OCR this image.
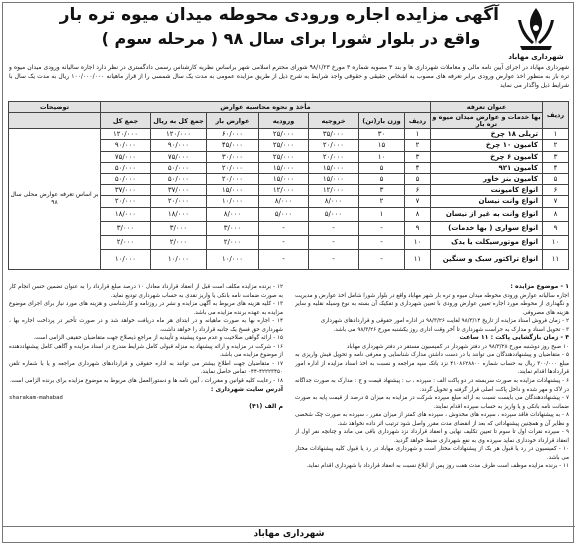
آگهی مزایده اجاره ورودی محوطه میدان میوه تره بار
واقع در بلوار شورا برای سال ۹۸ ( مرحله سوم )
شهرداری مهاباد
شهرداری مهاباد در اجرای آیین نامه مالی و معاملات شهرداری ها و بند ۳ مصوبه شماره ۳ مورخ ۹۸/۱/۲۳ شورای محترم اسلامی شهر براساس نظریه کارشناس رسمی دادگستری در نظر دارد اجاره سالیانه ورودی میدان میوه و تره بار به منظور اخذ عوارض ورودی برابر تعرفه های مصوب به اشخاص حقیقی و حقوقی واجد شرایط به شرح ذیل از طریق مزایده عمومی به مدت یک سال شمسی را از قرار ماهیانه ۱۰۰/۰۰۰/۰۰۰ ریال به مدت یک سال با شرایط ذیل واگذار می نماید
ردیف	عنوان تعرفه	مأخذ و نحوه محاسبه عوارض							توضیحات
	بها خدمات و عوارض میدان میوه و تره بار	ردیف	وزن بار(تن)	خروجیه	ورودیه	عوارض بار	جمع کل به ریال	جمع کل	
۱	تریلی ۱۸ چرخ	۱	۳۰	۳۵/۰۰۰	۲۵/۰۰۰	۶۰/۰۰۰	۱۲۰/۰۰۰	۱۲۰/۰۰۰	بر اساس تعرفه عوارض محلی سال ۹۸
۲	کامیون ۱۰ چرخ	۲	۱۵	۲۰/۰۰۰	۲۵/۰۰۰	۴۵/۰۰۰	۹۰/۰۰۰	۹۰/۰۰۰	
۳	کامیون ۶ چرخ	۳	۱۰	۲۰/۰۰۰	۲۵/۰۰۰	۳۰/۰۰۰	۷۵/۰۰۰	۷۵/۰۰۰	
۴	کامیون ۹۲۱	۴	۵	۱۵/۰۰۰	۱۵/۰۰۰	۲۰/۰۰۰	۵۰/۰۰۰	۵۰/۰۰۰	
۵	کامیون بنز خاور	۵	۵	۱۵/۰۰۰	۱۵/۰۰۰	۲۰/۰۰۰	۵۰/۰۰۰	۵۰/۰۰۰	
۶	انواع کامیونت	۶	۳	۱۲/۰۰۰	۱۲/۰۰۰	۱۵/۰۰۰	۳۷/۰۰۰	۳۷/۰۰۰	
۷	انواع وانت نیسان	۷	۲	۸/۰۰۰	۸/۰۰۰	۱۰/۰۰۰	۲۰/۰۰۰	۲۰/۰۰۰	
۸	انواع وانت به غیر از نیسان	۸	۱	۵/۰۰۰	۵/۰۰۰	۸/۰۰۰	۱۸/۰۰۰	۱۸/۰۰۰	
۹	انواع سواری ( بها خدمات)	۹	-	-	-	۳/۰۰۰	۳/۰۰۰	۳/۰۰۰	
۱۰	انواع موتورسیکلت یا یدک	۱۰	-	-	-	۲/۰۰۰	۲/۰۰۰	۲/۰۰۰	
۱۱	انواع تراکتور سبک و سنگین	۱۱	-	-	-	۱۰/۰۰۰	۱۰/۰۰۰	۱۰/۰۰۰	
۱ - موضوع مزایده :
اجاره سالیانه عوارض ورودی محوطه میدان میوه و تره بار شهر مهاباد واقع در بلوار شورا شامل اخذ عوارض و مدیریت و نگهداری از محوطه مورد اجاره تعیین عوارض ورودی با تعیین شهرداری و تفکیک آن بسته به نوع وسیله نقلیه و سایر هزینه های مصروفی
۲ - زمان فروش اسناد مزایده از تاریخ ۹۸/۳/۱۴ لغایت ۹۸/۳/۲۶ در اداره امور حقوقی و قراردادهای شهرداری
۳ - تحویل اسناد و مدارک به حراست شهرداری تا آخر وقت اداری روز یکشنبه مورخ ۹۸/۳/۲۶ می باشد.
۴ - زمان بازگشایی پاکت : ۱۱ ساعت
۱۰ صبح روز دوشنبه مورخ ۹۸/۳/۲۸ در دفتر شهردار در کمیسیون مستقر در دفتر شهرداری مهاباد
۵ - متقاضیان و پیشنهاددهندگان می توانند با در دست داشتن مدارک شناسایی و معرفی نامه و تحویل فیش واریزی به مبلغ ۳۰۰/۰۰۰ ریال به حساب شماره ۴۱۰۸۶۲۸۸۰۰ نزد بانک سپه مراجعه و نسبت به اخذ اسناد مزایده از اداره امور قراردادها اقدام نمایند.
۶ - پیشنهادات مزایده به صورت سربسته در دو پاکت الف : سپرده ، ب : پیشنهاد قیمت و ج : مدارک به صورت جداگانه در لاک و مهر شده و داخل پاکت اصلی قرار گرفته و تحویل گردد.
۷ - پیشنهاددهندگان می بایست نسبت به ارائه مبلغ سپرده شرکت در مزایده به میزان ۵ درصد از قیمت پایه به صورت ضمانت نامه بانکی و یا واریز به حساب سپرده اقدام نمایند.
۸ - به پیشنهادات فاقد سپرده ، سپرده های مخدوش ، سپرده های کمتر از میزان مقرر ، سپرده به صورت چک شخصی و نظایر آن و همچنین پیشنهاداتی که بعد از انقضای مدت مقرر واصل شود ترتیب اثر داده نخواهد شد.
۹ - سپرده نفرات اول تا سوم تا تعیین تکلیف نهایی و انعقاد قرارداد نزد شهرداری باقی می ماند و چنانچه نفر اول از انعقاد قرارداد خودداری نماید سپرده وی به نفع شهرداری ضبط خواهد گردید.
۱۰ - کمیسیون در رد یا قبول هر یک از پیشنهادات مختار است و شهرداری مهاباد در رد یا قبول کلیه پیشنهادات مختار می باشد.
۱۱ - برنده مزایده موظف است ظرف مدت هفت روز پس از ابلاغ نسبت به انعقاد قرارداد با شهرداری اقدام نماید.
۱۲ - برنده مزایده مکلف است قبل از انعقاد قرارداد معادل ۱۰ درصد مبلغ قرارداد را به عنوان تضمین حسن انجام کار به صورت ضمانت نامه بانکی یا واریز نقدی به حساب شهرداری تودیع نماید.
۱۳ - کلیه هزینه های مربوط به آگهی مزایده و نشر در روزنامه و کارشناسی و هزینه های مورد نیاز برای اجرای موضوع مزایده به عهده برنده مزایده می باشد.
۱۴ - اجاره بها به صورت ماهیانه و در ابتدای هر ماه دریافت خواهد شد و در صورت تأخیر در پرداخت اجاره بها ، شهرداری حق فسخ یک جانبه قرارداد را خواهد داشت.
۱۵ - ارائه گواهی صلاحیت و عدم سوء پیشینه و تأییدیه از مراجع ذیصلاح جهت متقاضیان حقیقی الزامی است.
۱۶ - شرکت در مزایده و ارائه پیشنهاد به منزله قبولی کامل شرایط مندرج در اسناد مزایده و آگاهی کامل پیشنهاددهنده از موضوع مزایده می باشد.
۱۷ - متقاضیان جهت اطلاع بیشتر می توانند به اداره حقوقی و قراردادهای شهرداری مراجعه و یا با شماره تلفن ۴۲۲۲۳۴۵۰-۰۴۴ تماس حاصل نمایند.
۱۸ - رعایت کلیه قوانین و مقررات ، آیین نامه ها و دستورالعمل های مربوط به موضوع مزایده برای برنده الزامی است.
آدرس سایت شهرداری :
sharakam-mahabad
م الف (۴۱)
شهرداری مهاباد
